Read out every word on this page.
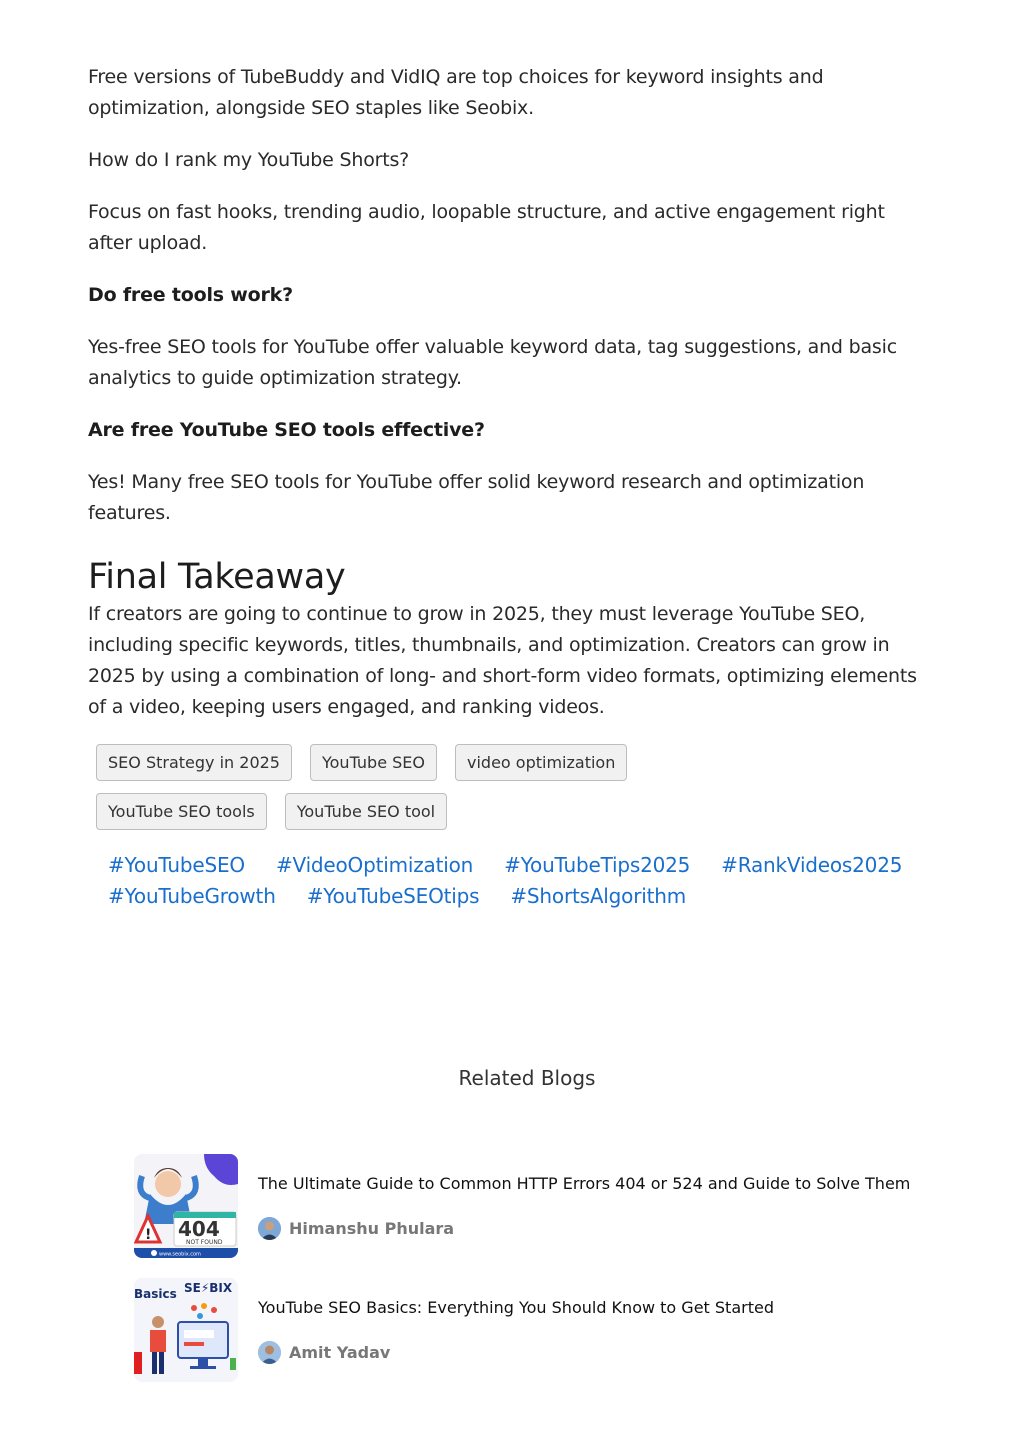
Free versions of TubeBuddy and VidIQ are top choices for keyword insights and optimization, alongside SEO staples like Seobix.

How do I rank my YouTube Shorts?

Focus on fast hooks, trending audio, loopable structure, and active engagement right after upload.

Do free tools work?

Yes-free SEO tools for YouTube offer valuable keyword data, tag suggestions, and basic analytics to guide optimization strategy.

Are free YouTube SEO tools effective?

Yes! Many free SEO tools for YouTube offer solid keyword research and optimization features.

Final Takeaway

If creators are going to continue to grow in 2025, they must leverage YouTube SEO, including specific keywords, titles, thumbnails, and optimization. Creators can grow in 2025 by using a combination of long- and short-form video formats, optimizing elements of a video, keeping users engaged, and ranking videos.

SEO Strategy in 2025	YouTube SEO	video optimization
YouTube SEO tools	YouTube SEO tool
#YouTubeSEO #VideoOptimization #YouTubeTips2025 #RankVideos2025
#YouTubeGrowth #YouTubeSEOtips #ShortsAlgorithm
Related Blogs
404
NOT FOUND
!
www.seobix.com
The Ultimate Guide to Common HTTP Errors 404 or 524 and Guide to Solve Them
Himanshu Phulara
Basics SE⚡BIX
YouTube SEO Basics: Everything You Should Know to Get Started
Amit Yadav
